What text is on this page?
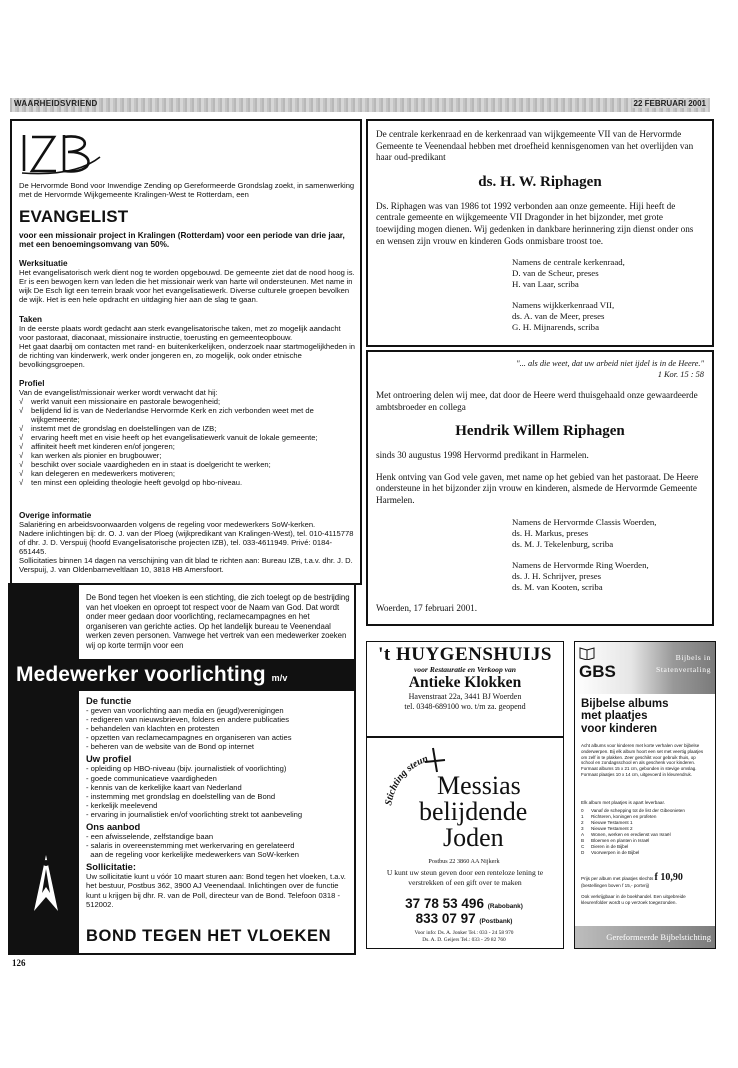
WAARHEIDSVRIEND	22 FEBRUARI 2001
De Hervormde Bond voor Inwendige Zending op Gereformeerde Grondslag zoekt, in samenwerking met de Hervormde Wijkgemeente Kralingen-West te Rotterdam, een
EVANGELIST
voor een missionair project in Kralingen (Rotterdam) voor een periode van drie jaar, met een benoemingsomvang van 50%.
Werksituatie
Het evangelisatorisch werk dient nog te worden opgebouwd. De gemeente ziet dat de nood hoog is. Er is een bewogen kern van leden die het missionair werk van harte wil ondersteunen. Met name in wijk De Esch ligt een terrein braak voor het evangelisatiewerk. Diverse culturele groepen bevolken de wijk. Het is een hele opdracht en uitdaging hier aan de slag te gaan.
Taken
In de eerste plaats wordt gedacht aan sterk evangelisatorische taken, met zo mogelijk aandacht voor pastoraat, diaconaat, missionaire instructie, toerusting en gemeenteopbouw.
Het gaat daarbij om contacten met rand- en buitenkerkelijken, onderzoek naar startmogelijkheden in de richting van kinderwerk, werk onder jongeren en, zo mogelijk, ook onder etnische bevolkingsgroepen.
Profiel
Van de evangelist/missionair werker wordt verwacht dat hij:
√ werkt vanuit een missionaire en pastorale bewogenheid;
√ belijdend lid is van de Nederlandse Hervormde Kerk en zich verbonden weet met de wijkgemeente;
√ instemt met de grondslag en doelstellingen van de IZB;
√ ervaring heeft met en visie heeft op het evangelisatiewerk vanuit de lokale gemeente;
√ affiniteit heeft met kinderen en/of jongeren;
√ kan werken als pionier en brugbouwer;
√ beschikt over sociale vaardigheden en in staat is doelgericht te werken;
√ kan delegeren en medewerkers motiveren;
√ ten minst een opleiding theologie heeft gevolgd op hbo-niveau.
Overige informatie
Salariëring en arbeidsvoorwaarden volgens de regeling voor medewerkers SoW-kerken.
Nadere inlichtingen bij: dr. O. J. van der Ploeg (wijkpredikant van Kralingen-West), tel. 010-4115778 of dhr. J. D. Verspuij (hoofd Evangelisatorische projecten IZB), tel. 033-4611949. Privé: 0184-651445.
Sollicitaties binnen 14 dagen na verschijning van dit blad te richten aan: Bureau IZB, t.a.v. dhr. J. D. Verspuij, J. van Oldenbarneveltlaan 10, 3818 HB Amersfoort.

De centrale kerkenraad en de kerkenraad van wijkgemeente VII van de Hervormde Gemeente te Veenendaal hebben met droefheid kennisgenomen van het overlijden van haar oud-predikant

ds. H. W. Riphagen

Ds. Riphagen was van 1986 tot 1992 verbonden aan onze gemeente. Hiji heeft de centrale gemeente en wijkgemeente VII Dragonder in het bijzonder, met grote toewijding mogen dienen. Wij gedenken in dankbare herinnering zijn dienst onder ons en wensen zijn vrouw en kinderen Gods onmisbare troost toe.

Namens de centrale kerkenraad,
D. van de Scheur, preses
H. van Laar, scriba
Namens wijkkerkenraad VII,
ds. A. van de Meer, preses
G. H. Mijnarends, scriba
"... als die weet, dat uw arbeid niet ijdel is in de Heere."
1 Kor. 15 : 58

Met ontroering delen wij mee, dat door de Heere werd thuisgehaald onze gewaardeerde ambtsbroeder en collega

Hendrik Willem Riphagen

sinds 30 augustus 1998 Hervormd predikant in Harmelen.

Henk ontving van God vele gaven, met name op het gebied van het pastoraat. De Heere ondersteune in het bijzonder zijn vrouw en kinderen, alsmede de Hervormde Gemeente Harmelen.

Namens de Hervormde Classis Woerden,
ds. H. Markus, preses
ds. M. J. Tekelenburg, scriba
Namens de Hervormde Ring Woerden,
ds. J. H. Schrijver, preses
ds. M. van Kooten, scriba

Woerden, 17 februari 2001.

De Bond tegen het vloeken is een stichting, die zich toelegt op de bestrijding van het vloeken en oproept tot respect voor de Naam van God. Dat wordt onder meer gedaan door voorlichting, reclamecampagnes en het organiseren van gerichte acties. Op het landelijk bureau te Veenendaal werken zeven personen. Vanwege het vertrek van een medewerker zoeken wij op korte termijn voor een
Medewerker voorlichting m/v
De functie
- geven van voorlichting aan media en (jeugd)verenigingen
- redigeren van nieuwsbrieven, folders en andere publicaties
- behandelen van klachten en protesten
- opzetten van reclamecampagnes en organiseren van acties
- beheren van de website van de Bond op internet
Uw profiel
- opleiding op HBO-niveau (bijv. journalistiek of voorlichting)
- goede communicatieve vaardigheden
- kennis van de kerkelijke kaart van Nederland
- instemming met grondslag en doelstelling van de Bond
- kerkelijk meelevend
- ervaring in journalistiek en/of voorlichting strekt tot aanbeveling
Ons aanbod
- een afwisselende, zelfstandige baan
- salaris in overeenstemming met werkervaring en gerelateerd
aan de regeling voor kerkelijke medewerkers van SoW-kerken
Sollicitatie:
Uw sollicitatie kunt u vóór 10 maart sturen aan: Bond tegen het vloeken, t.a.v. het bestuur, Postbus 362, 3900 AJ Veenendaal. Inlichtingen over de functie kunt u krijgen bij dhr. R. van de Poll, directeur van de Bond. Telefoon 0318 - 512002.
BOND TEGEN HET VLOEKEN
't HUYGENSHUIJS
voor Restauratie en Verkoop van
Antieke Klokken
Havenstraat 22a, 3441 BJ Woerden
tel. 0348-689100 wo. t/m za. geopend
Stichting steun
Messias
belijdende
Joden
Postbus 22 3860 AA Nijkerk
U kunt uw steun geven door een renteloze lening te verstrekken of een gift over te maken
37 78 53 496 (Rabobank)
833 07 97 (Postbank)
Voor info: Ds. A. Jonker Tel.: 033 - 24 58 970
Ds. A. D. Geijers Tel.: 033 - 29 82 760
GBS
Bijbels in
Statenvertaling
Bijbelse albums
met plaatjes
voor kinderen
Acht albums voor kinderen met korte verhalen over bijbelse onderwerpen. Bij elk album hoort een set met veertig plaatjes om zelf in te plakken. Zeer geschikt voor gebruik thuis, op school en zondagsschool en als geschenk voor kinderen. Formaat albums 15 x 21 cm, gebonden in stevige omslag. Formaat plaatjes 10 x 14 cm, uitgevoerd in kleurendruk.
Elk album met plaatjes is apart leverbaar.
0 Vanaf de schepping tot de list der Gibeonieten
1 Richteren, koningen en profeten
2 Nieuwe Testament 1
3 Nieuwe Testament 2
A Wonen, werken en eredienst van Israël
B Bloemen en planten in Israël
C Dieren in de Bijbel
D Voorwerpen in de Bijbel
Prijs per album met plaatjes slechts f 10,90
(bestellingen boven f 15,- portvrij)
Ook verkrijgbaar in de boekhandel. Een uitgebreide kleurenfolder wordt u op verzoek toegezonden.
Gereformeerde Bijbelstichting
126
